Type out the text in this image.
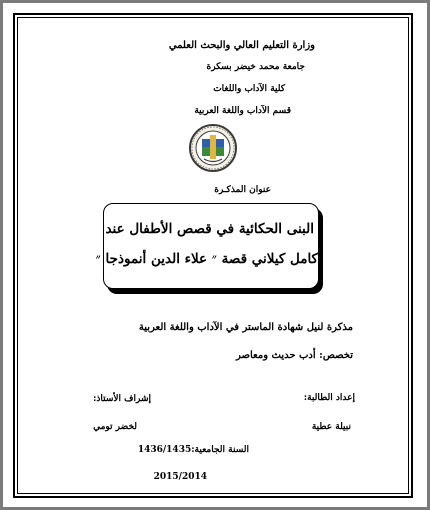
وزارة التعليم العالي والبحث العلمي
جامعة محمد خيضر بسكرة
كلية الآداب واللغات
قسم الآداب واللغة العربية
عنوان المذكـرة
البنى الحكائية في قصص الأطفال عند
كامل كيلاني قصة ״ علاء الدين أنموذجا ״
مذكرة لنيل شهادة الماستر في الآداب واللغة العربية
تخصص: أدب حديث ومعاصر
إعداد الطالبة:
إشراف الأستاذ:
نبيلة عطية
لخضر تومي
السنة الجامعية:1436/1435
2015/2014
